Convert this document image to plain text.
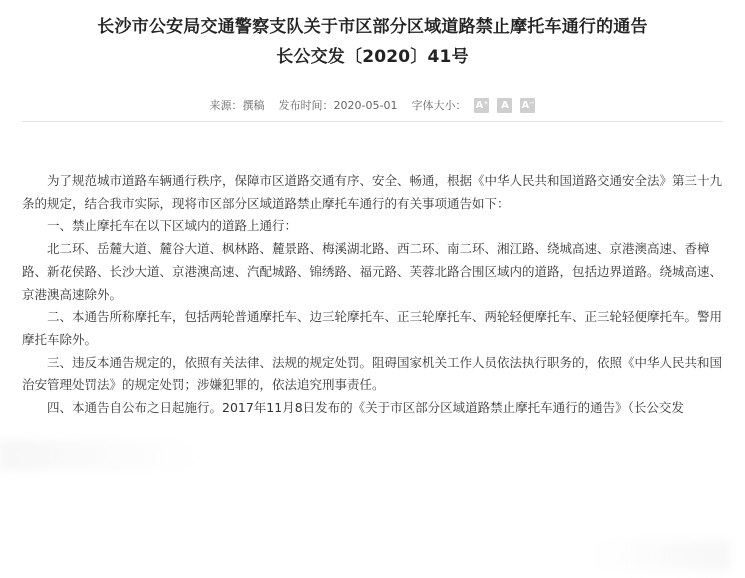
长沙市公安局交通警察支队关于市区部分区域道路禁止摩托车通行的通告
长公交发〔2020〕41号
来源：撰稿 发布时间：2020-05-01 字体大小： A⁺	A	A⁻

为了规范城市道路车辆通行秩序，保障市区道路交通有序、安全、畅通，根据《中华人民共和国道路交通安全法》第三十九条的规定，结合我市实际，现将市区部分区域道路禁止摩托车通行的有关事项通告如下：

一、禁止摩托车在以下区域内的道路上通行：

北二环、岳麓大道、麓谷大道、枫林路、麓景路、梅溪湖北路、西二环、南二环、湘江路、绕城高速、京港澳高速、香樟路、新花侯路、长沙大道、京港澳高速、汽配城路、锦绣路、福元路、芙蓉北路合围区域内的道路，包括边界道路。绕城高速、京港澳高速除外。

二、本通告所称摩托车，包括两轮普通摩托车、边三轮摩托车、正三轮摩托车、两轮轻便摩托车、正三轮轻便摩托车。警用摩托车除外。

三、违反本通告规定的，依照有关法律、法规的规定处罚。阻碍国家机关工作人员依法执行职务的，依照《中华人民共和国治安管理处罚法》的规定处罚；涉嫌犯罪的，依法追究刑事责任。

四、本通告自公布之日起施行。2017年11月8日发布的《关于市区部分区域道路禁止摩托车通行的通告》（长公交发
